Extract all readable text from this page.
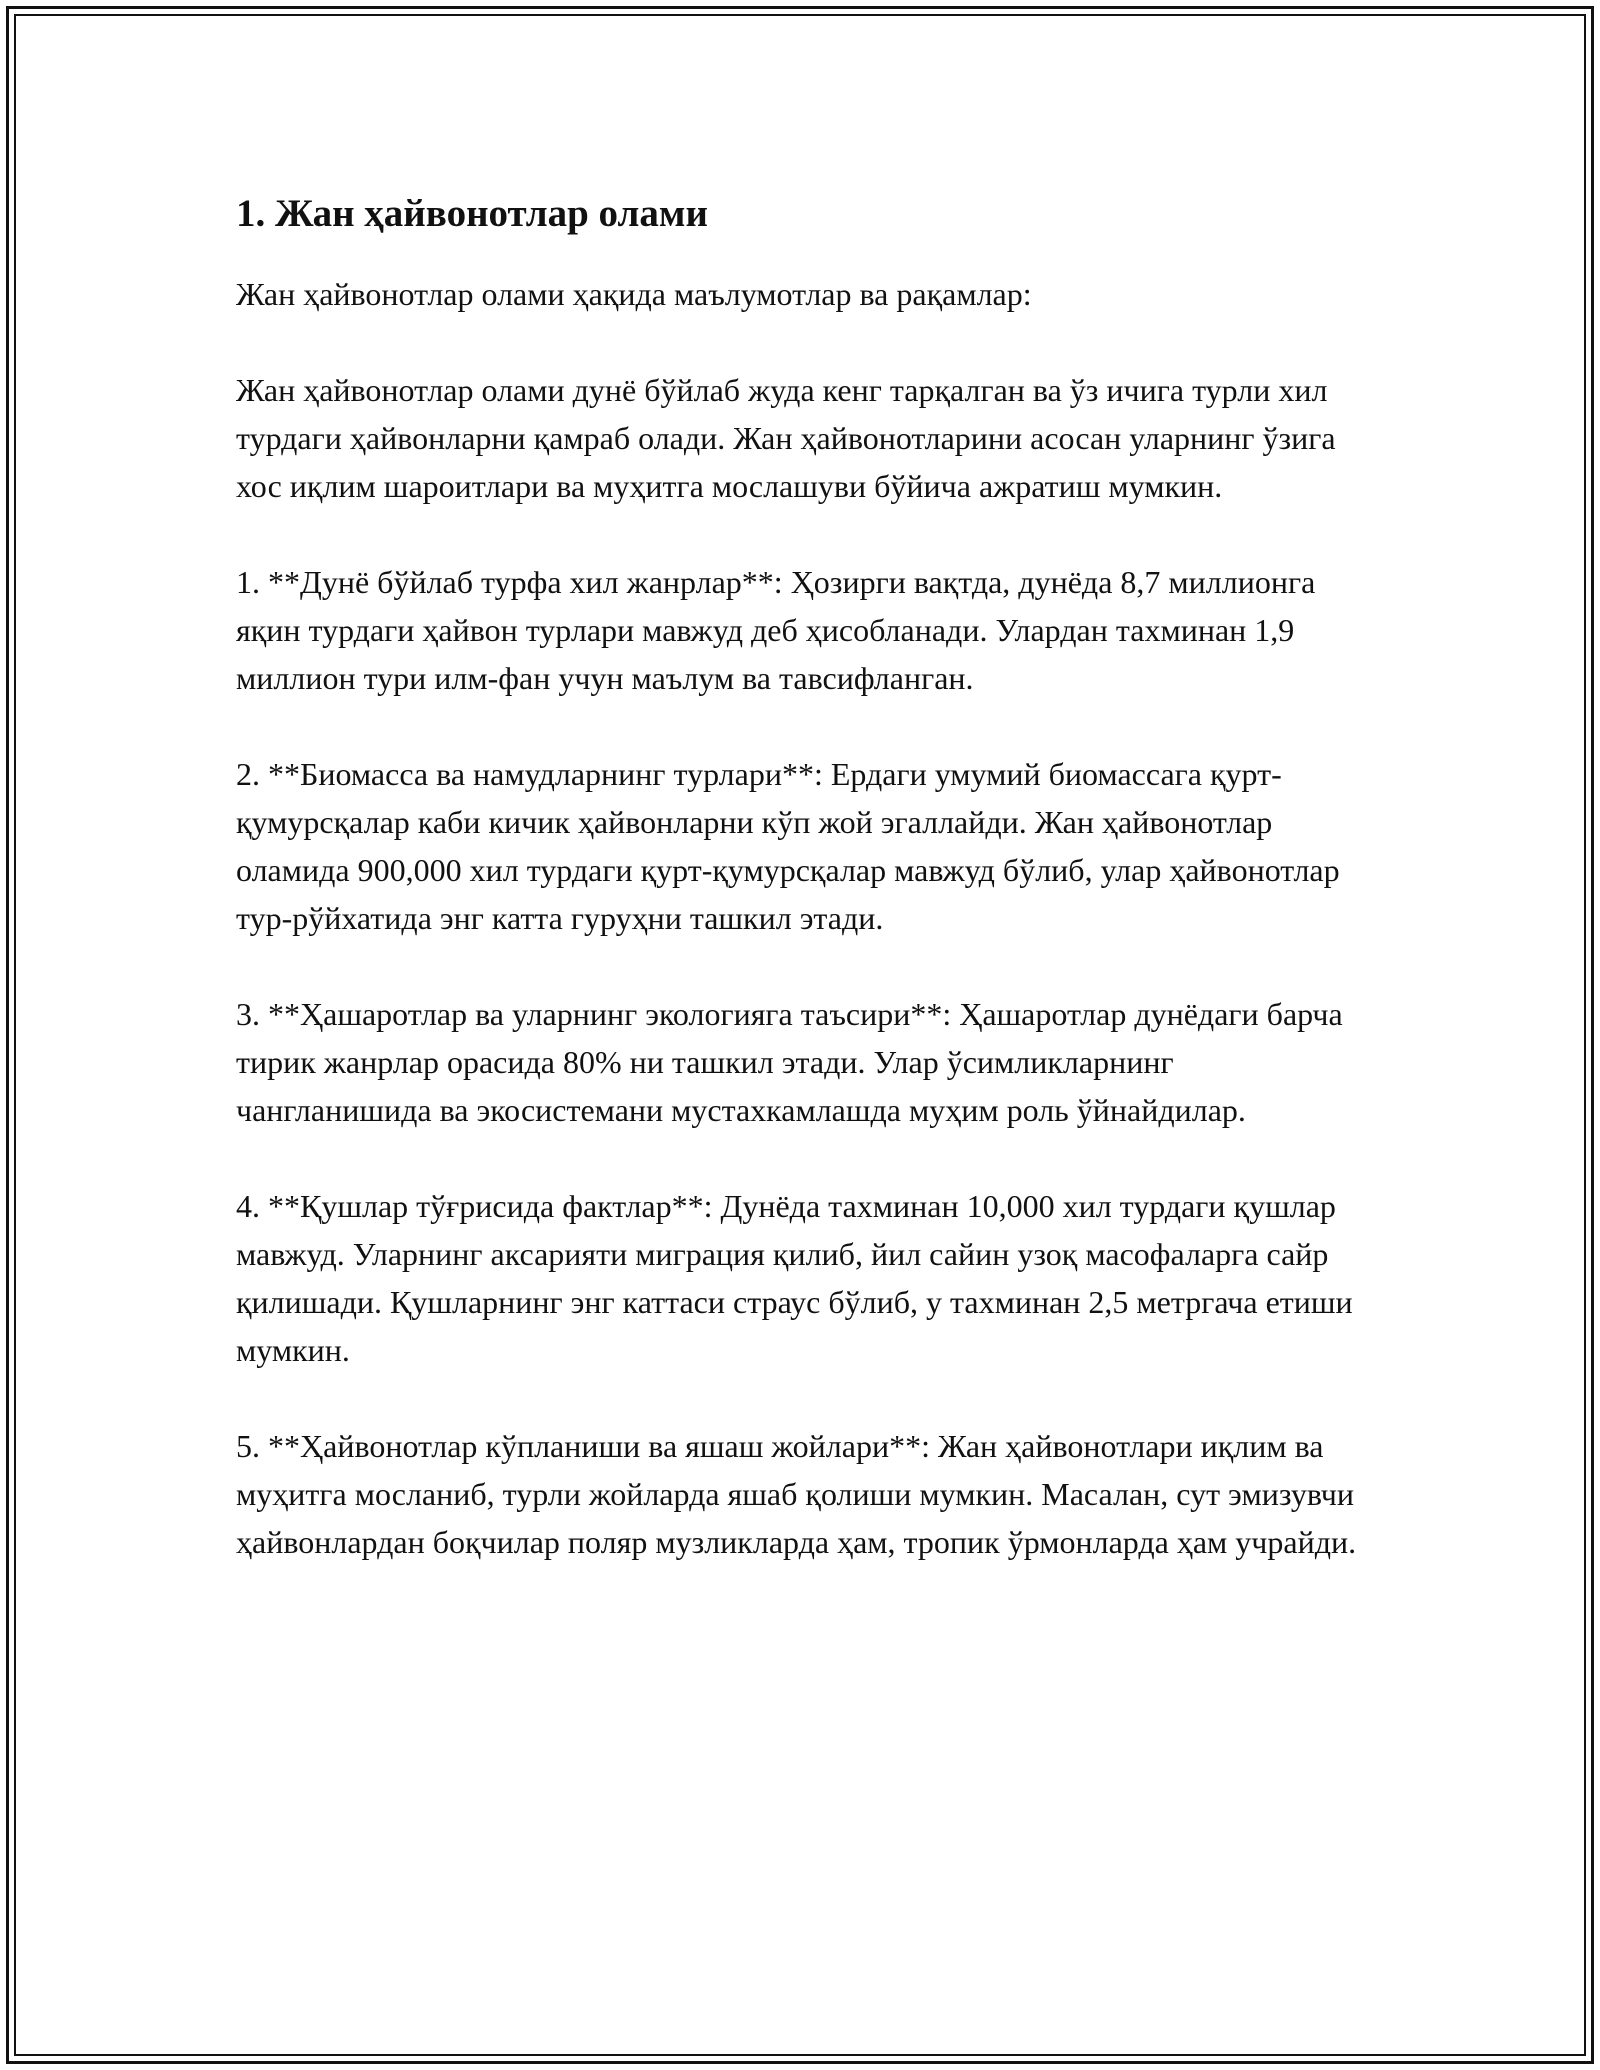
1. Жан ҳайвонотлар олами

Жан ҳайвонотлар олами ҳақида маълумотлар ва рақамлар:

Жан ҳайвонотлар олами дунё бўйлаб жуда кенг тарқалган ва ўз ичига турли хил турдаги ҳайвонларни қамраб олади. Жан ҳайвонотларини асосан уларнинг ўзига хос иқлим шароитлари ва муҳитга мослашуви бўйича ажратиш мумкин.

1. **Дунё бўйлаб турфа хил жанрлар**: Ҳозирги вақтда, дунёда 8,7 миллионга яқин турдаги ҳайвон турлари мавжуд деб ҳисобланади. Улардан тахминан 1,9 миллион тури илм-фан учун маълум ва тавсифланган.

2. **Биомасса ва намудларнинг турлари**: Ердаги умумий биомассага қурт-қумурсқалар каби кичик ҳайвонларни кўп жой эгаллайди. Жан ҳайвонотлар оламида 900,000 хил турдаги қурт-қумурсқалар мавжуд бўлиб, улар ҳайвонотлар тур-рўйхатида энг катта гуруҳни ташкил этади.

3. **Ҳашаротлар ва уларнинг экологияга таъсири**: Ҳашаротлар дунёдаги барча тирик жанрлар орасида 80% ни ташкил этади. Улар ўсимликларнинг чангланишида ва экосистемани мустахкамлашда муҳим роль ўйнайдилар.

4. **Қушлар тўғрисида фактлар**: Дунёда тахминан 10,000 хил турдаги қушлар мавжуд. Уларнинг аксарияти миграция қилиб, йил сайин узоқ масофаларга сайр қилишади. Қушларнинг энг каттаси страус бўлиб, у тахминан 2,5 метргача етиши мумкин.

5. **Ҳайвонотлар кўпланиши ва яшаш жойлари**: Жан ҳайвонотлари иқлим ва муҳитга мосланиб, турли жойларда яшаб қолиши мумкин. Масалан, сут эмизувчи ҳайвонлардан боқчилар поляр музликларда ҳам, тропик ўрмонларда ҳам учрайди.
